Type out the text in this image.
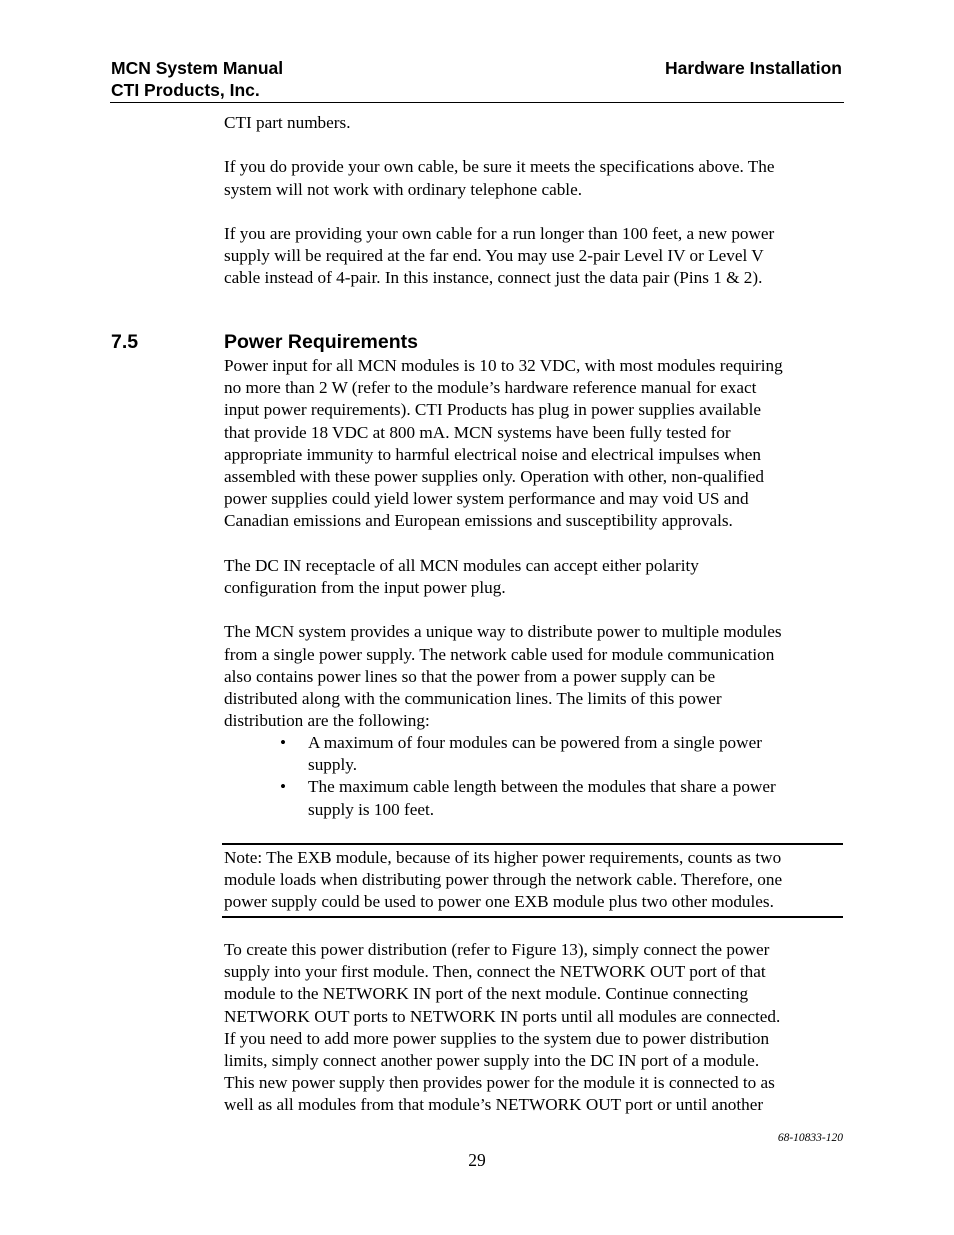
MCN System Manual
CTI Products, Inc.
Hardware Installation
CTI part numbers.
If you do provide your own cable, be sure it meets the specifications above. The
system will not work with ordinary telephone cable.
If you are providing your own cable for a run longer than 100 feet, a new power
supply will be required at the far end. You may use 2-pair Level IV or Level V
cable instead of 4-pair. In this instance, connect just the data pair (Pins 1 & 2).
7.5	Power Requirements
Power input for all MCN modules is 10 to 32 VDC, with most modules requiring
no more than 2 W (refer to the module’s hardware reference manual for exact
input power requirements). CTI Products has plug in power supplies available
that provide 18 VDC at 800 mA. MCN systems have been fully tested for
appropriate immunity to harmful electrical noise and electrical impulses when
assembled with these power supplies only. Operation with other, non-qualified
power supplies could yield lower system performance and may void US and
Canadian emissions and European emissions and susceptibility approvals.
The DC IN receptacle of all MCN modules can accept either polarity
configuration from the input power plug.
The MCN system provides a unique way to distribute power to multiple modules
from a single power supply. The network cable used for module communication
also contains power lines so that the power from a power supply can be
distributed along with the communication lines. The limits of this power
distribution are the following:
• A maximum of four modules can be powered from a single power
supply.
• The maximum cable length between the modules that share a power
supply is 100 feet.
Note: The EXB module, because of its higher power requirements, counts as two
module loads when distributing power through the network cable. Therefore, one
power supply could be used to power one EXB module plus two other modules.
To create this power distribution (refer to Figure 13), simply connect the power
supply into your first module. Then, connect the NETWORK OUT port of that
module to the NETWORK IN port of the next module. Continue connecting
NETWORK OUT ports to NETWORK IN ports until all modules are connected.
If you need to add more power supplies to the system due to power distribution
limits, simply connect another power supply into the DC IN port of a module.
This new power supply then provides power for the module it is connected to as
well as all modules from that module’s NETWORK OUT port or until another
68-10833-120
29
